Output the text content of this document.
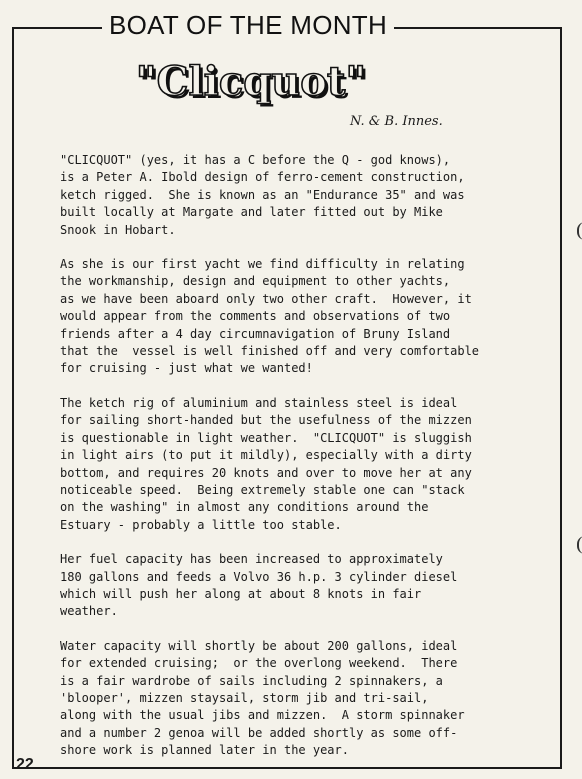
BOAT OF THE MONTH
"Clicquot"
N. & B. Innes.
"CLICQUOT" (yes, it has a C before the Q - god knows),
is a Peter A. Ibold design of ferro-cement construction,
ketch rigged.  She is known as an "Endurance 35" and was
built locally at Margate and later fitted out by Mike
Snook in Hobart.
As she is our first yacht we find difficulty in relating
the workmanship, design and equipment to other yachts,
as we have been aboard only two other craft.  However, it
would appear from the comments and observations of two
friends after a 4 day circumnavigation of Bruny Island
that the  vessel is well finished off and very comfortable
for cruising - just what we wanted!
The ketch rig of aluminium and stainless steel is ideal
for sailing short-handed but the usefulness of the mizzen
is questionable in light weather.  "CLICQUOT" is sluggish
in light airs (to put it mildly), especially with a dirty
bottom, and requires 20 knots and over to move her at any
noticeable speed.  Being extremely stable one can "stack
on the washing" in almost any conditions around the
Estuary - probably a little too stable.
Her fuel capacity has been increased to approximately
180 gallons and feeds a Volvo 36 h.p. 3 cylinder diesel
which will push her along at about 8 knots in fair
weather.
Water capacity will shortly be about 200 gallons, ideal
for extended cruising;  or the overlong weekend.  There
is a fair wardrobe of sails including 2 spinnakers, a
'blooper', mizzen staysail, storm jib and tri-sail,
along with the usual jibs and mizzen.  A storm spinnaker
and a number 2 genoa will be added shortly as some off-
shore work is planned later in the year.
22
